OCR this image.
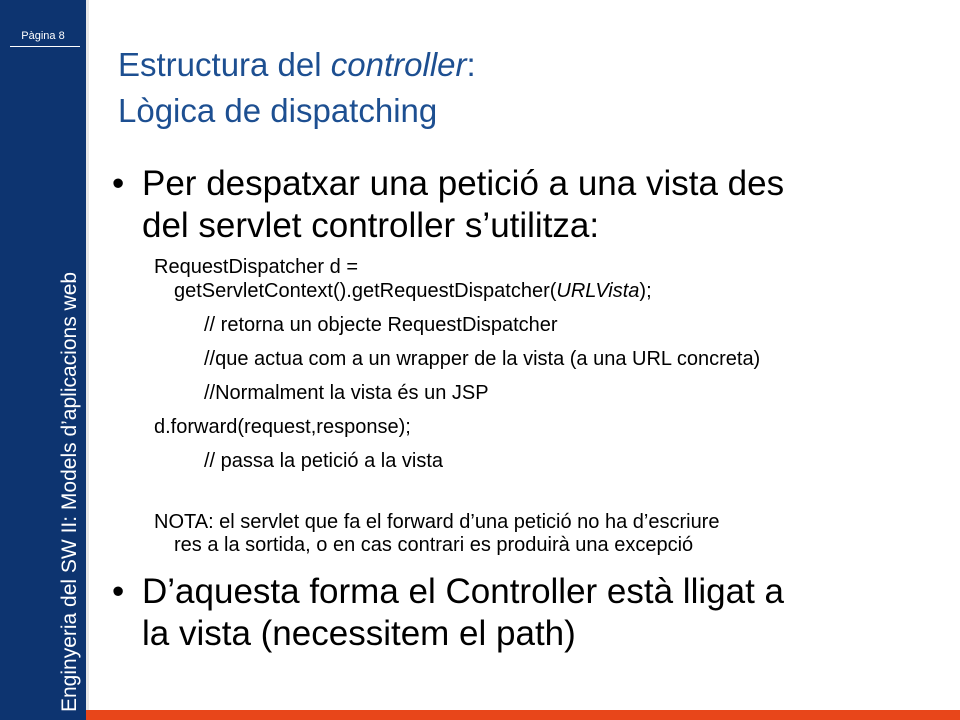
Pàgina 8
Enginyeria del SW II: Models d’aplicacions web
Estructura del controller:
Lògica de dispatching
• Per despatxar una petició a una vista des
del servlet controller s’utilitza:
RequestDispatcher d =
getServletContext().getRequestDispatcher(URLVista);
// retorna un objecte RequestDispatcher
//que actua com a un wrapper de la vista (a una URL concreta)
//Normalment la vista és un JSP
d.forward(request,response);
// passa la petició a la vista
NOTA: el servlet que fa el forward d’una petició no ha d’escriure
res a la sortida, o en cas contrari es produirà una excepció
• D’aquesta forma el Controller està lligat a
la vista (necessitem el path)
